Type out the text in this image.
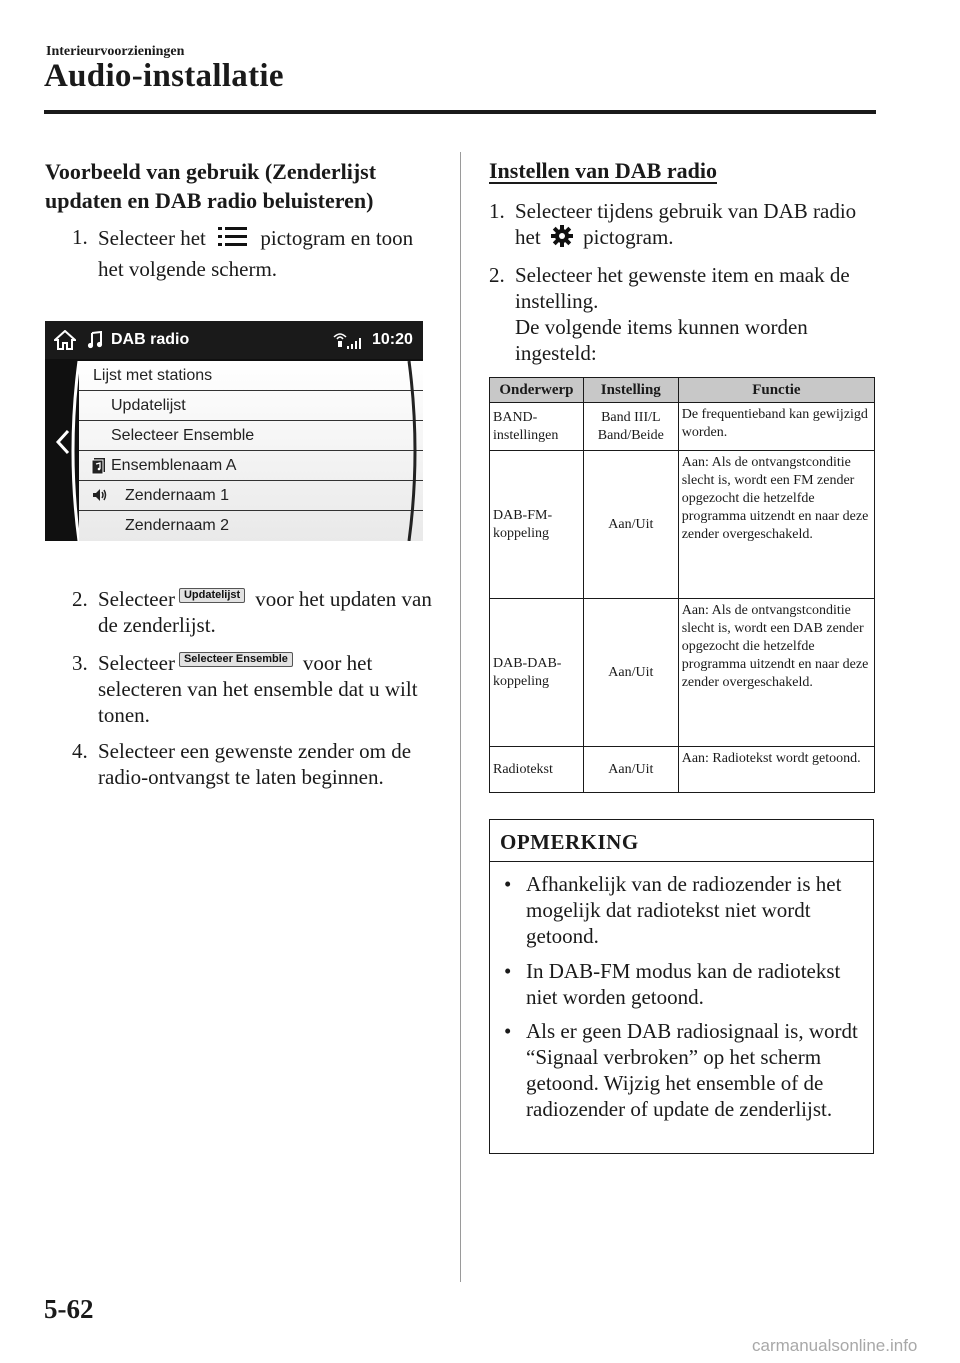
Interieurvoorzieningen
Audio-installatie
Voorbeeld van gebruik (Zenderlijst updaten en DAB radio beluisteren)
1. Selecteer het	pictogram en toon het volgende scherm.
DAB radio	10:20
Lijst met stations
Updatelijst
Selecteer Ensemble
Ensemblenaam A
Zendernaam 1
Zendernaam 2
2. Selecteer Updatelijst voor het updaten van de zenderlijst.
3. Selecteer Selecteer Ensemble voor het selecteren van het ensemble dat u wilt tonen.
4. Selecteer een gewenste zender om de radio-ontvangst te laten beginnen.
Instellen van DAB radio
1. Selecteer tijdens gebruik van DAB radio het pictogram.
2. Selecteer het gewenste item en maak de instelling.
De volgende items kunnen worden ingesteld:
Onderwerp	Instelling	Functie
BAND-instellingen	Band III/L Band/Beide	De frequentieband kan gewijzigd worden.
DAB-FM-koppeling	Aan/Uit	Aan: Als de ontvangstconditie slecht is, wordt een FM zender opgezocht die hetzelfde programma uitzendt en naar deze zender overgeschakeld.
DAB-DAB-koppeling	Aan/Uit	Aan: Als de ontvangstconditie slecht is, wordt een DAB zender opgezocht die hetzelfde programma uitzendt en naar deze zender overgeschakeld.
Radiotekst	Aan/Uit	Aan: Radiotekst wordt getoond.
OPMERKING
• Afhankelijk van de radiozender is het mogelijk dat radiotekst niet wordt getoond.
• In DAB-FM modus kan de radiotekst niet worden getoond.
• Als er geen DAB radiosignaal is, wordt “Signaal verbroken” op het scherm getoond. Wijzig het ensemble of de radiozender of update de zenderlijst.
5-62
carmanualsonline.info
